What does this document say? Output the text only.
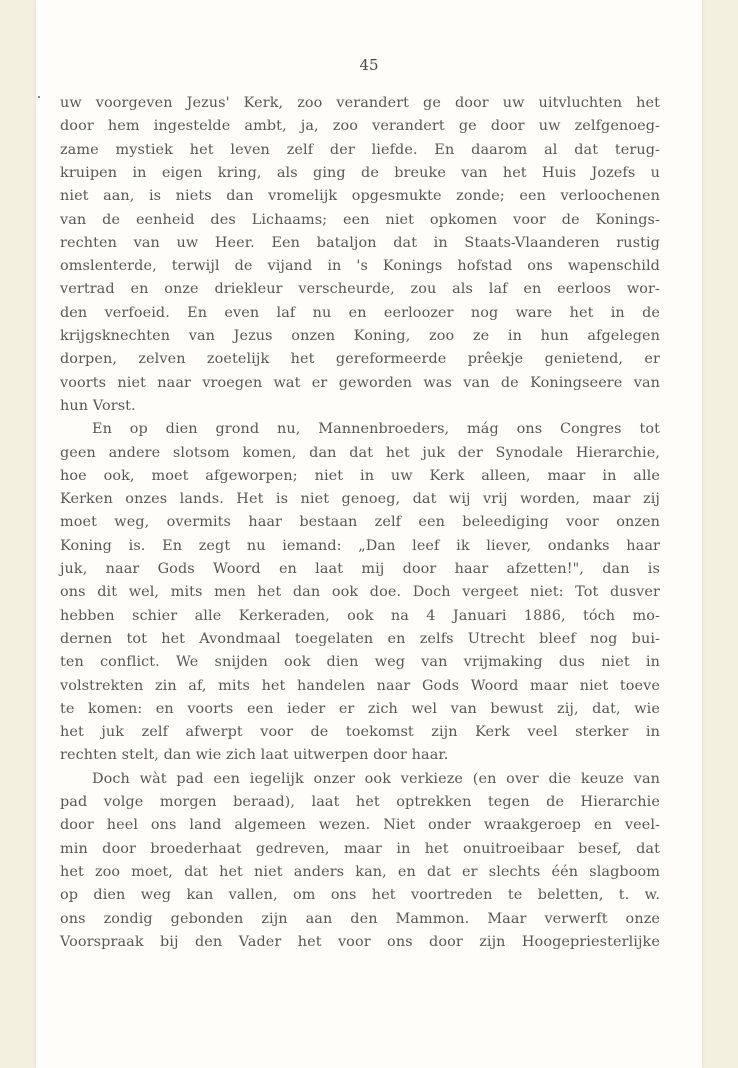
45
uw voorgeven Jezus' Kerk, zoo verandert ge door uw uitvluchten het
door hem ingestelde ambt, ja, zoo verandert ge door uw zelfgenoeg-
zame mystiek het leven zelf der liefde. En daarom al dat terug-
kruipen in eigen kring, als ging de breuke van het Huis Jozefs u
niet aan, is niets dan vromelijk opgesmukte zonde; een verloochenen
van de eenheid des Lichaams; een niet opkomen voor de Konings-
rechten van uw Heer. Een bataljon dat in Staats-Vlaanderen rustig
omslenterde, terwijl de vijand in 's Konings hofstad ons wapenschild
vertrad en onze driekleur verscheurde, zou als laf en eerloos wor-
den verfoeid. En even laf nu en eerloozer nog ware het in de
krijgsknechten van Jezus onzen Koning, zoo ze in hun afgelegen
dorpen, zelven zoetelijk het gereformeerde prêekje genietend, er
voorts niet naar vroegen wat er geworden was van de Koningseere van
hun Vorst.
En op dien grond nu, Mannenbroeders, mág ons Congres tot
geen andere slotsom komen, dan dat het juk der Synodale Hierarchie,
hoe ook, moet afgeworpen; niet in uw Kerk alleen, maar in alle
Kerken onzes lands. Het is niet genoeg, dat wij vrij worden, maar zij
moet weg, overmits haar bestaan zelf een beleediging voor onzen
Koning is. En zegt nu iemand: „Dan leef ik liever, ondanks haar
juk, naar Gods Woord en laat mij door haar afzetten!", dan is
ons dit wel, mits men het dan ook doe. Doch vergeet niet: Tot dusver
hebben schier alle Kerkeraden, ook na 4 Januari 1886, tóch mo-
dernen tot het Avondmaal toegelaten en zelfs Utrecht bleef nog bui-
ten conflict. We snijden ook dien weg van vrijmaking dus niet in
volstrekten zin af, mits het handelen naar Gods Woord maar niet toeve
te komen: en voorts een ieder er zich wel van bewust zij, dat, wie
het juk zelf afwerpt voor de toekomst zijn Kerk veel sterker in
rechten stelt, dan wie zich laat uitwerpen door haar.
Doch wàt pad een iegelijk onzer ook verkieze (en over die keuze van
pad volge morgen beraad), laat het optrekken tegen de Hierarchie
door heel ons land algemeen wezen. Niet onder wraakgeroep en veel-
min door broederhaat gedreven, maar in het onuitroeibaar besef, dat
het zoo moet, dat het niet anders kan, en dat er slechts één slagboom
op dien weg kan vallen, om ons het voortreden te beletten, t. w.
ons zondig gebonden zijn aan den Mammon. Maar verwerft onze
Voorspraak bij den Vader het voor ons door zijn Hoogepriesterlijke
